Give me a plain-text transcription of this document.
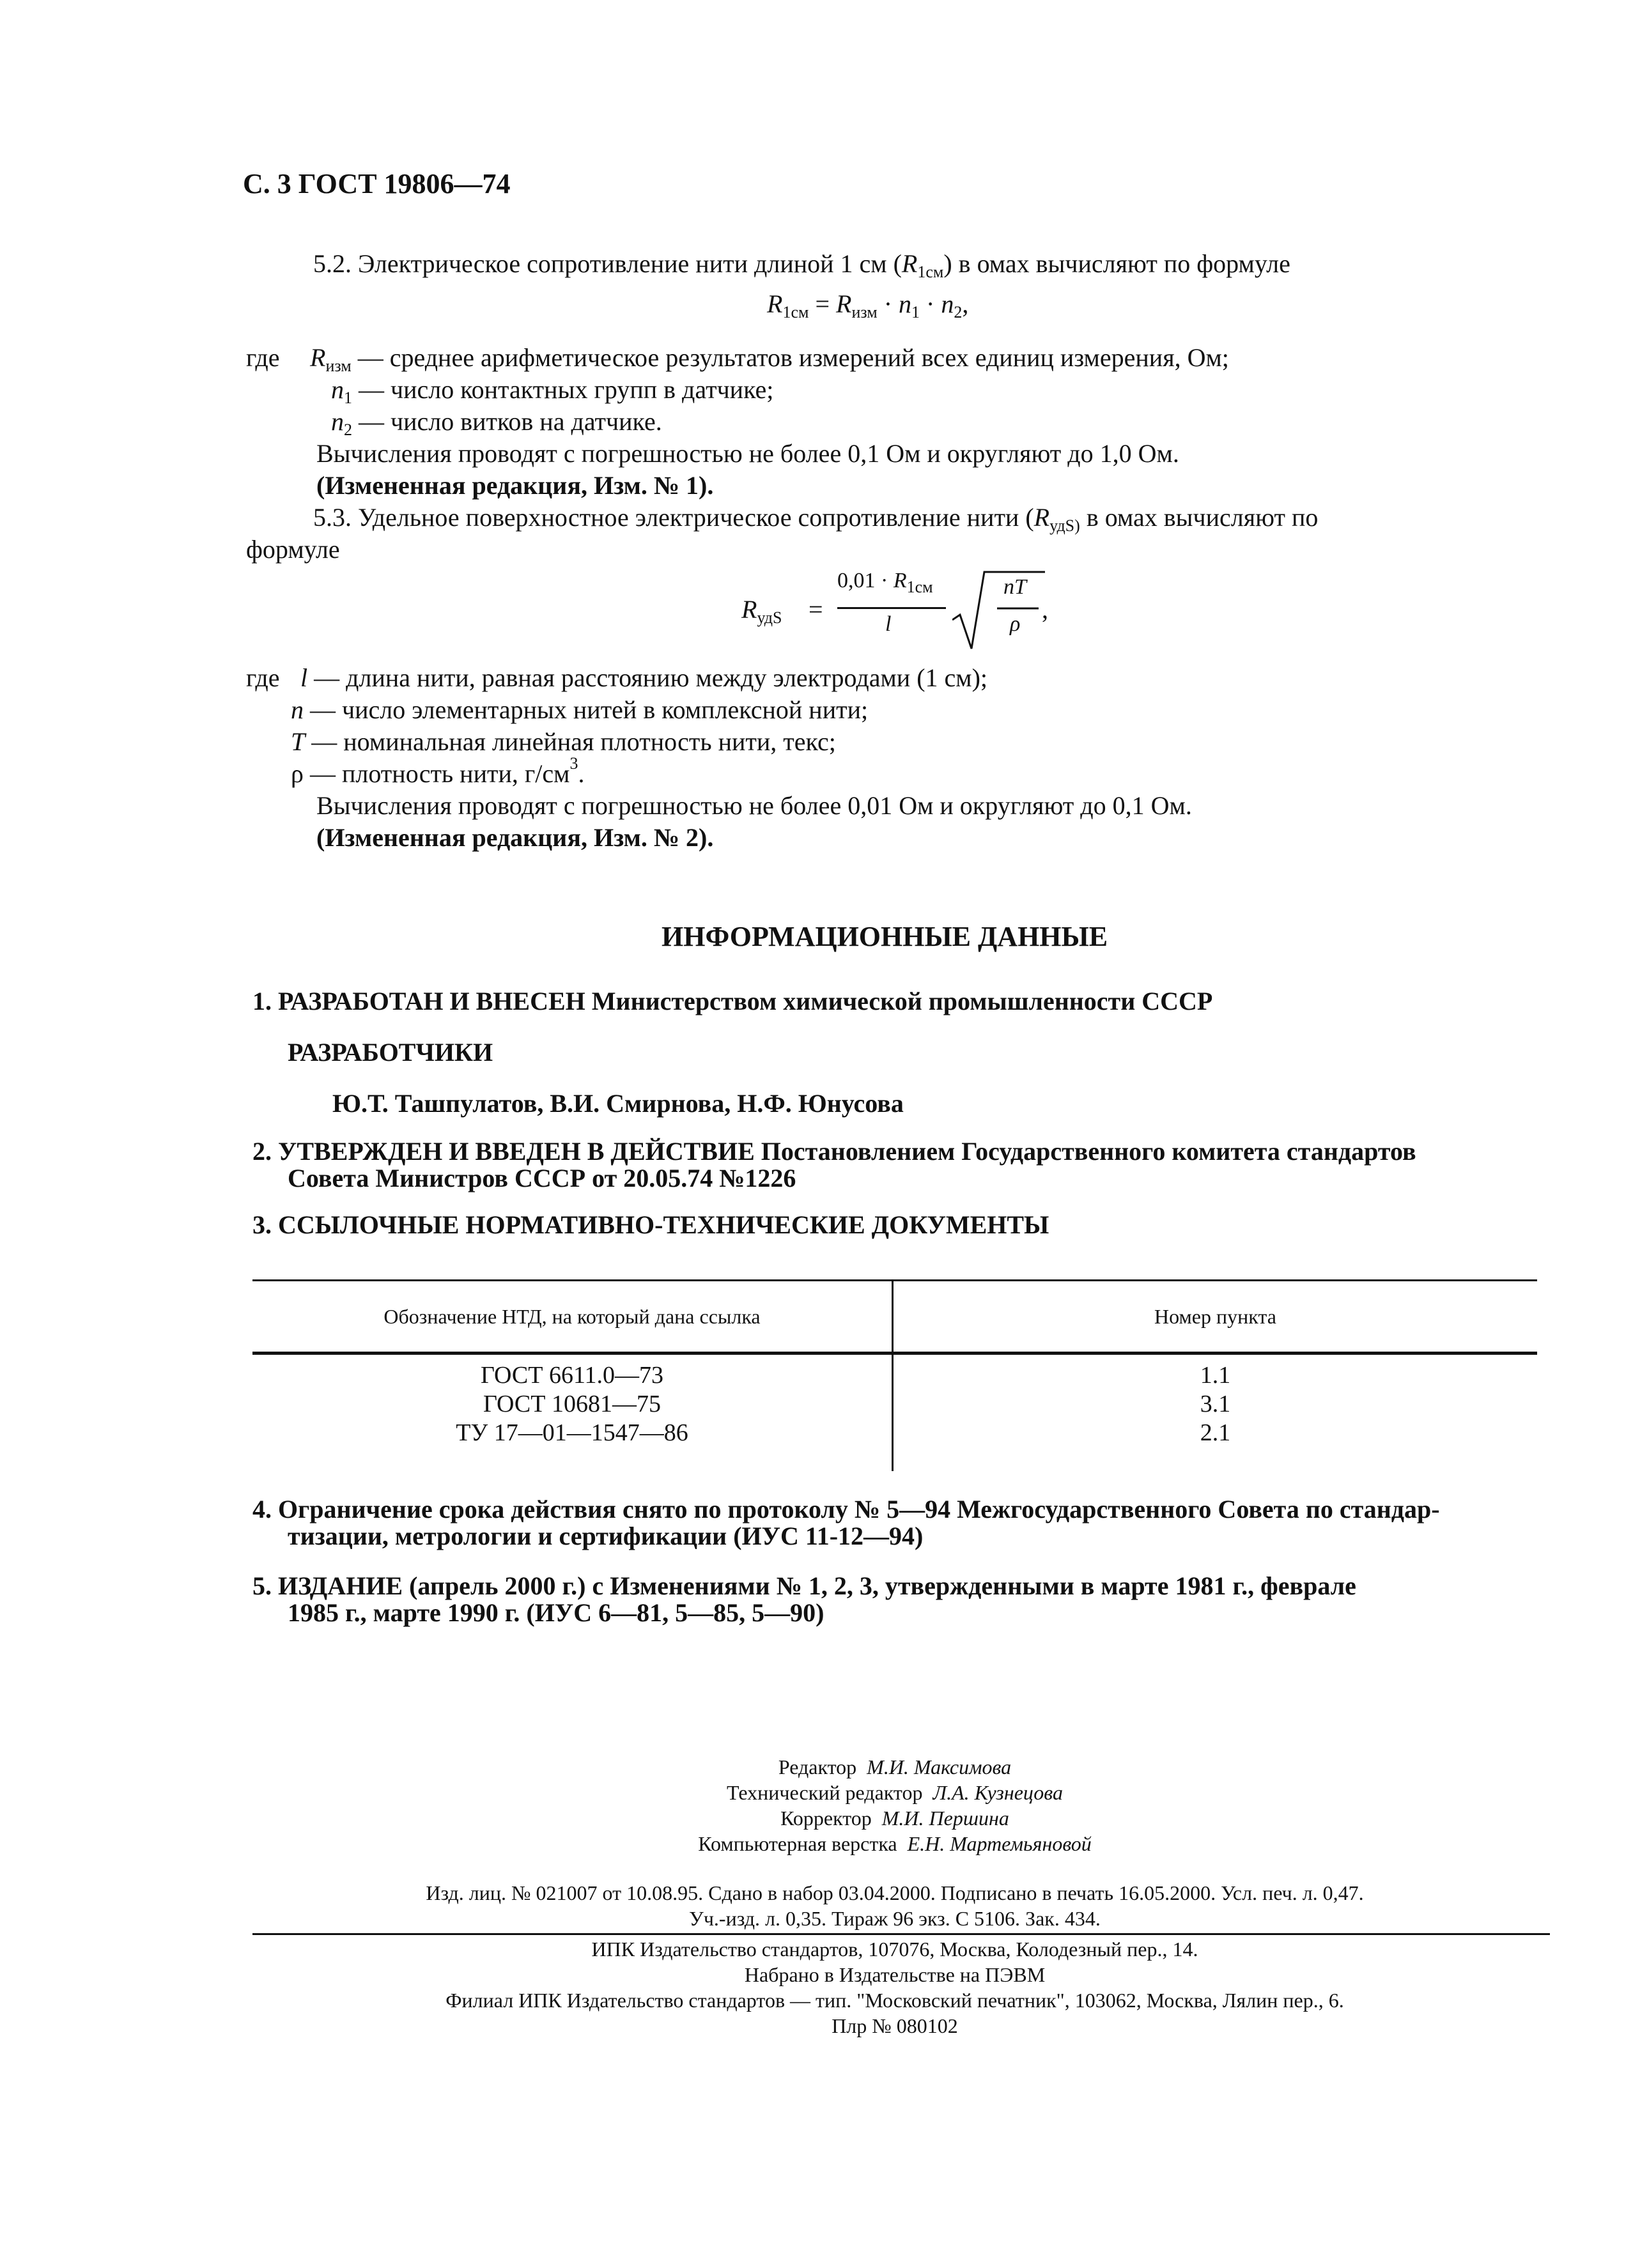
С. 3 ГОСТ 19806—74
5.2. Электрическое сопротивление нити длиной 1 см $(R_{1см})$ в омах вычисляют по формуле
$R_{1см} = R_{изм} \cdot n_1 \cdot n_2$,
где $R_{изм}$ — среднее арифметическое результатов измерений всех единиц измерения, Ом;
$n_1$ — число контактных групп в датчике;
$n_2$ — число витков на датчике.
Вычисления проводят с погрешностью не более 0,1 Ом и округляют до 1,0 Ом.
(Измененная редакция, Изм. № 1).
5.3. Удельное поверхностное электрическое сопротивление нити ($R_{удS)}$ в омах вычисляют по
формуле
$R_{удS}$ =
$0,01 \cdot R_{1см}$
l
nT
ρ
,
где l — длина нити, равная расстоянию между электродами (1 см);
n — число элементарных нитей в комплексной нити;
T — номинальная линейная плотность нити, текс;
ρ — плотность нити, $г/см^3$.
Вычисления проводят с погрешностью не более 0,01 Ом и округляют до 0,1 Ом.
(Измененная редакция, Изм. № 2).
ИНФОРМАЦИОННЫЕ ДАННЫЕ
1. РАЗРАБОТАН И ВНЕСЕН Министерством химической промышленности СССР
РАЗРАБОТЧИКИ
Ю.Т. Ташпулатов, В.И. Смирнова, Н.Ф. Юнусова
2. УТВЕРЖДЕН И ВВЕДЕН В ДЕЙСТВИЕ Постановлением Государственного комитета стандартов
Совета Министров СССР от 20.05.74 №1226
3. ССЫЛОЧНЫЕ НОРМАТИВНО-ТЕХНИЧЕСКИЕ ДОКУМЕНТЫ
Обозначение НТД, на который дана ссылка	Номер пункта
ГОСТ 6611.0—73	1.1
ГОСТ 10681—75	3.1
ТУ 17—01—1547—86	2.1
4. Ограничение срока действия снято по протоколу № 5—94 Межгосударственного Совета по стандар-
тизации, метрологии и сертификации (ИУС 11-12—94)
5. ИЗДАНИЕ (апрель 2000 г.) с Изменениями № 1, 2, 3, утвержденными в марте 1981 г., феврале
1985 г., марте 1990 г. (ИУС 6—81, 5—85, 5—90)
Редактор М.И. Максимова
Технический редактор Л.А. Кузнецова
Корректор М.И. Першина
Компьютерная верстка Е.Н. Мартемьяновой
Изд. лиц. № 021007 от 10.08.95. Сдано в набор 03.04.2000. Подписано в печать 16.05.2000. Усл. печ. л. 0,47.
Уч.-изд. л. 0,35. Тираж 96 экз. С 5106. Зак. 434.
ИПК Издательство стандартов, 107076, Москва, Колодезный пер., 14.
Набрано в Издательстве на ПЭВМ
Филиал ИПК Издательство стандартов — тип. "Московский печатник", 103062, Москва, Лялин пер., 6.
Плр № 080102
